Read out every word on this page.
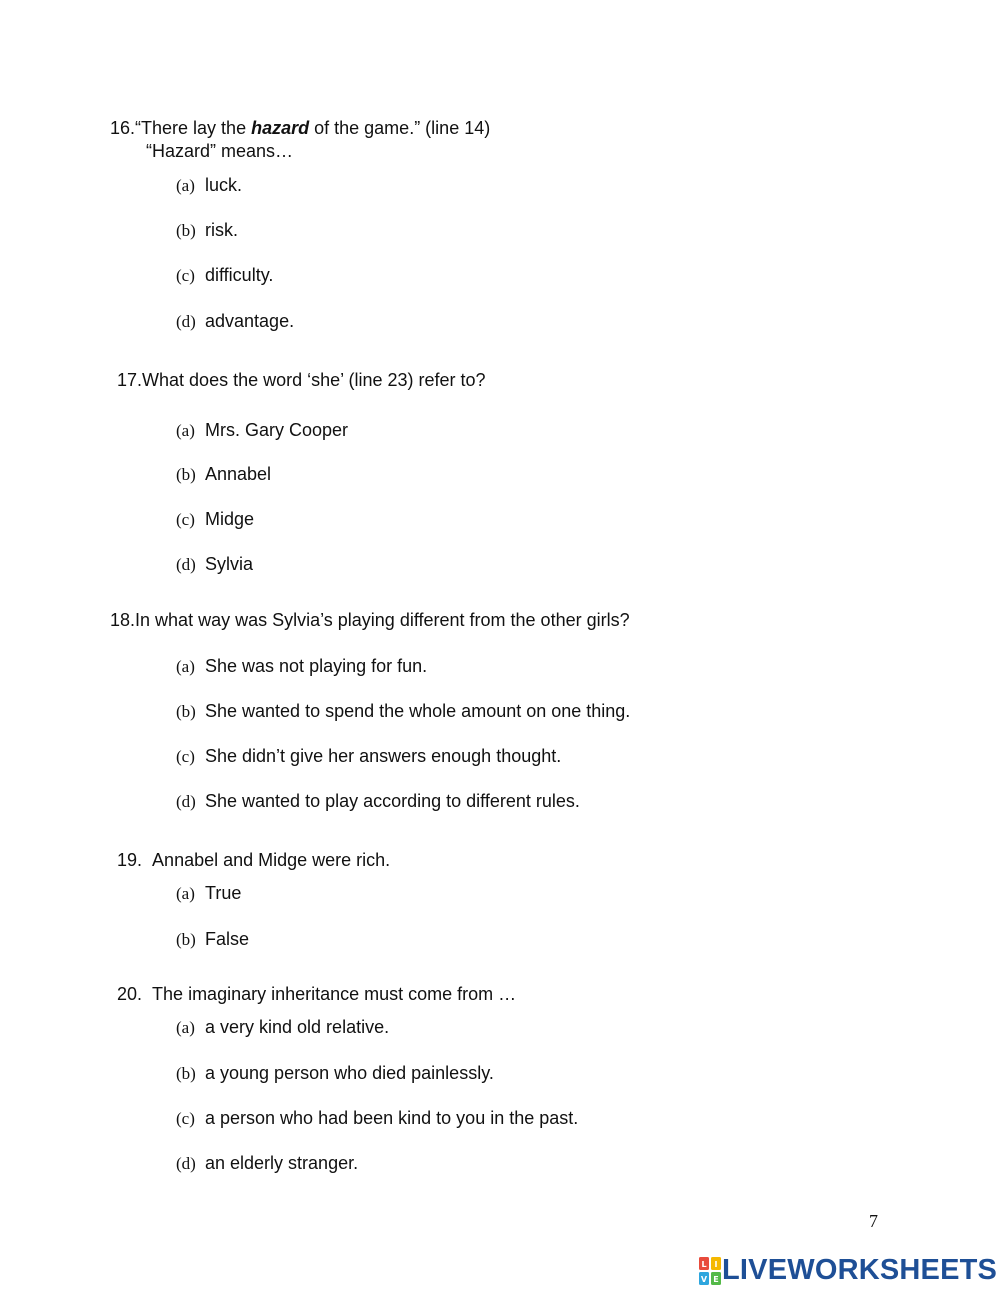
16.“There lay the hazard of the game.” (line 14)
“Hazard” means…
(a) luck.
(b) risk.
(c) difficulty.
(d) advantage.
17.What does the word ‘she’ (line 23) refer to?
(a) Mrs. Gary Cooper
(b) Annabel
(c) Midge
(d) Sylvia
18.In what way was Sylvia’s playing different from the other girls?
(a) She was not playing for fun.
(b) She wanted to spend the whole amount on one thing.
(c) She didn’t give her answers enough thought.
(d) She wanted to play according to different rules.
19. Annabel and Midge were rich.
(a) True
(b) False
20. The imaginary inheritance must come from …
(a) a very kind old relative.
(b) a young person who died painlessly.
(c) a person who had been kind to you in the past.
(d) an elderly stranger.
7
L I
V E LIVEWORKSHEETS
